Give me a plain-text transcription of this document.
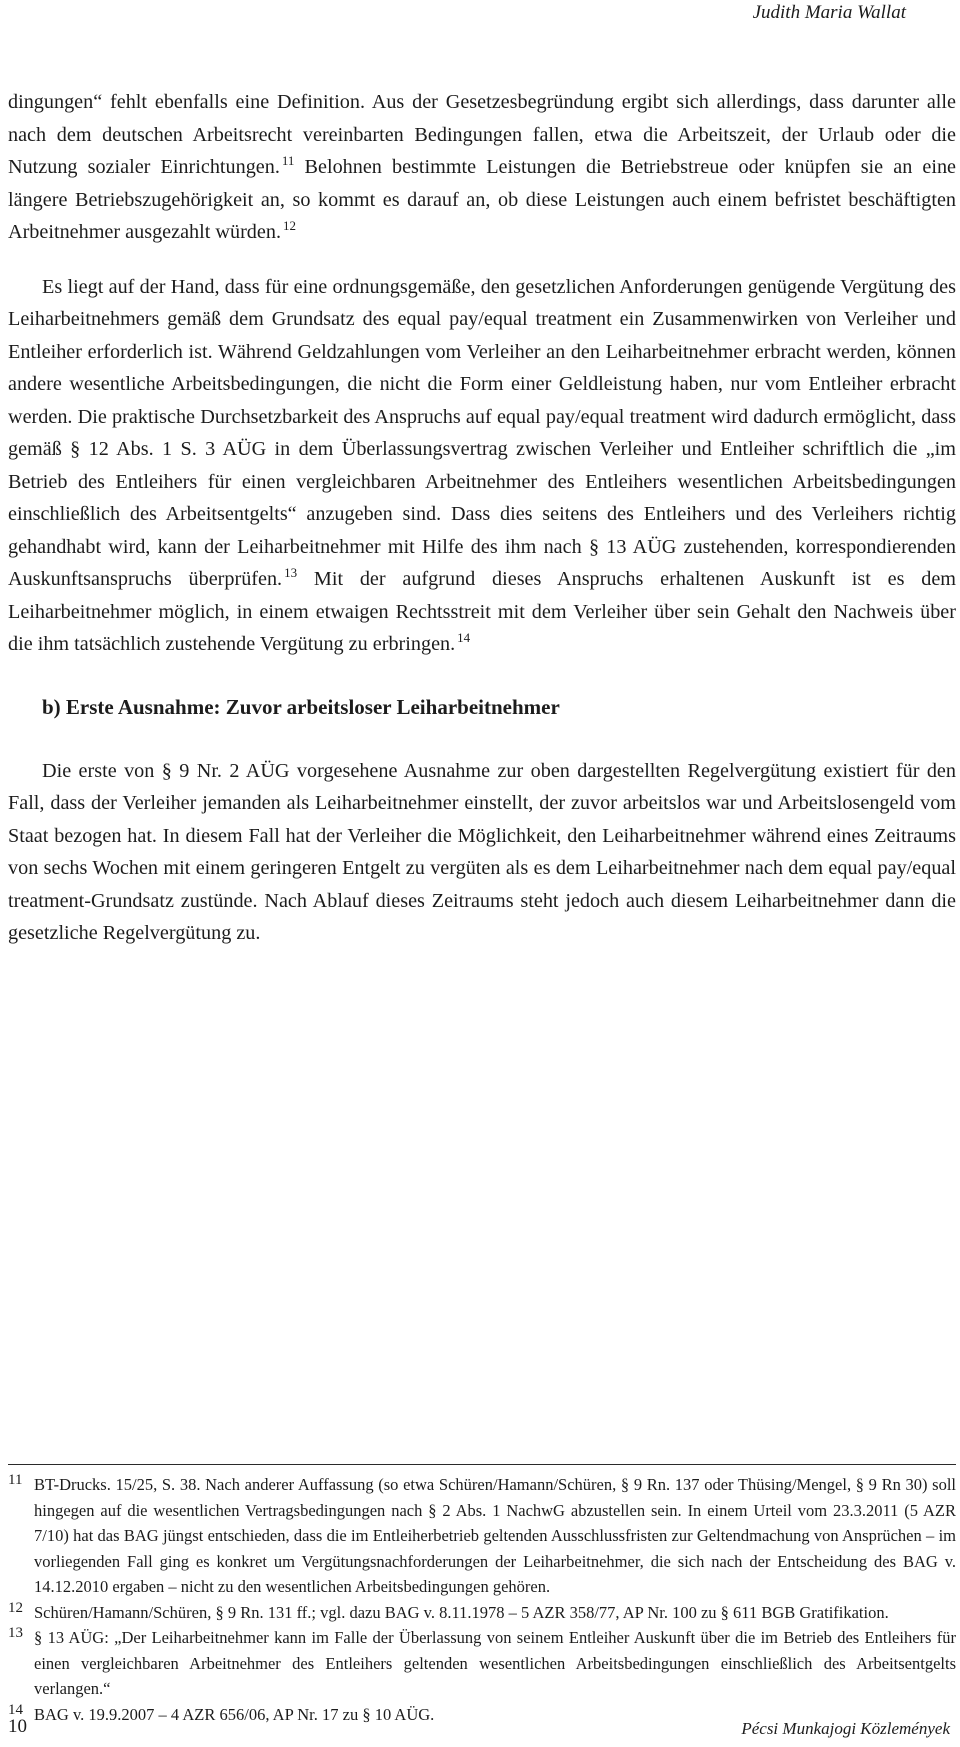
Judith Maria Wallat

dingungen“ fehlt ebenfalls eine Definition. Aus der Gesetzesbegründung ergibt sich allerdings, dass darunter alle nach dem deutschen Arbeitsrecht vereinbarten Bedingungen fallen, etwa die Arbeitszeit, der Urlaub oder die Nutzung sozialer Einrichtungen. $^{11}$ Belohnen bestimmte Leistungen die Betriebstreue oder knüpfen sie an eine längere Betriebszugehörigkeit an, so kommt es darauf an, ob diese Leistungen auch einem befristet beschäftigten Arbeitnehmer ausgezahlt würden. $^{12}$

Es liegt auf der Hand, dass für eine ordnungsgemäße, den gesetzlichen Anforderungen genügende Vergütung des Leiharbeitnehmers gemäß dem Grundsatz des equal pay/equal treatment ein Zusammenwirken von Verleiher und Entleiher erforderlich ist. Während Geldzahlungen vom Verleiher an den Leiharbeitnehmer erbracht werden, können andere wesentliche Arbeitsbedingungen, die nicht die Form einer Geldleistung haben, nur vom Entleiher erbracht werden. Die praktische Durchsetzbarkeit des Anspruchs auf equal pay/equal treatment wird dadurch ermöglicht, dass gemäß § 12 Abs. 1 S. 3 AÜG in dem Überlassungsvertrag zwischen Verleiher und Entleiher schriftlich die „im Betrieb des Entleihers für einen vergleichbaren Arbeitnehmer des Entleihers wesentlichen Arbeitsbedingungen einschließlich des Arbeitsentgelts“ anzugeben sind. Dass dies seitens des Entleihers und des Verleihers richtig gehandhabt wird, kann der Leiharbeitnehmer mit Hilfe des ihm nach § 13 AÜG zustehenden, korrespondierenden Auskunftsanspruchs überprüfen. $^{13}$ Mit der aufgrund dieses Anspruchs erhaltenen Auskunft ist es dem Leiharbeitnehmer möglich, in einem etwaigen Rechtsstreit mit dem Verleiher über sein Gehalt den Nachweis über die ihm tatsächlich zustehende Vergütung zu erbringen. $^{14}$

b) Erste Ausnahme: Zuvor arbeitsloser Leiharbeitnehmer

Die erste von § 9 Nr. 2 AÜG vorgesehene Ausnahme zur oben dargestellten Regelvergütung existiert für den Fall, dass der Verleiher jemanden als Leiharbeitnehmer einstellt, der zuvor arbeitslos war und Arbeitslosengeld vom Staat bezogen hat. In diesem Fall hat der Verleiher die Möglichkeit, den Leiharbeitnehmer während eines Zeitraums von sechs Wochen mit einem geringeren Entgelt zu vergüten als es dem Leiharbeitnehmer nach dem equal pay/equal treatment-Grundsatz zustünde. Nach Ablauf dieses Zeitraums steht jedoch auch diesem Leiharbeitnehmer dann die gesetzliche Regelvergütung zu.

11 BT-Drucks. 15/25, S. 38. Nach anderer Auffassung (so etwa Schüren/Hamann/Schüren, § 9 Rn. 137 oder Thüsing/Mengel, § 9 Rn 30) soll hingegen auf die wesentlichen Vertragsbedingungen nach § 2 Abs. 1 NachwG abzustellen sein. In einem Urteil vom 23.3.2011 (5 AZR 7/10) hat das BAG jüngst entschieden, dass die im Entleiherbetrieb geltenden Ausschlussfristen zur Geltendmachung von Ansprüchen – im vorliegenden Fall ging es konkret um Vergütungsnachforderungen der Leiharbeitnehmer, die sich nach der Entscheidung des BAG v. 14.12.2010 ergaben – nicht zu den wesentlichen Arbeitsbedingungen gehören.

12 Schüren/Hamann/Schüren, § 9 Rn. 131 ff.; vgl. dazu BAG v. 8.11.1978 – 5 AZR 358/77, AP Nr. 100 zu § 611 BGB Gratifikation.

13 § 13 AÜG: „Der Leiharbeitnehmer kann im Falle der Überlassung von seinem Entleiher Auskunft über die im Betrieb des Entleihers für einen vergleichbaren Arbeitnehmer des Entleihers geltenden wesentlichen Arbeitsbedingungen einschließlich des Arbeitsentgelts verlangen.“

14 BAG v. 19.9.2007 – 4 AZR 656/06, AP Nr. 17 zu § 10 AÜG.

10	Pécsi Munkajogi Közlemények
